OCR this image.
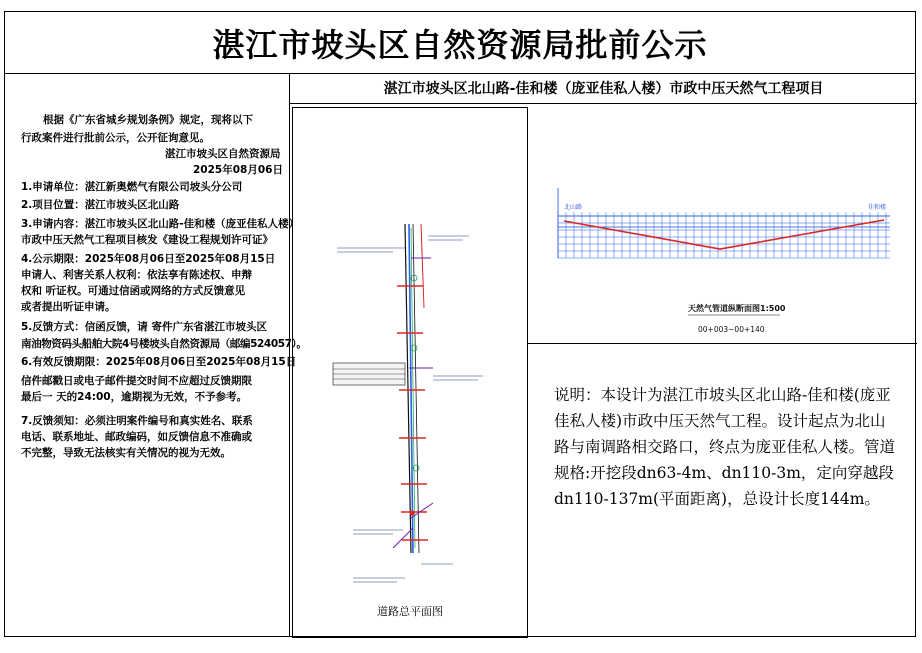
湛江市坡头区自然资源局批前公示
根据《广东省城乡规划条例》规定，现将以下
行政案件进行批前公示，公开征询意见。
湛江市坡头区自然资源局
2025年08月06日
1.申请单位：湛江新奥燃气有限公司坡头分公司
2.项目位置：湛江市坡头区北山路
3.申请内容：湛江市坡头区北山路-佳和楼（庞亚佳私人楼）
市政中压天然气工程项目核发《建设工程规划许可证》
4.公示期限：2025年08月06日至2025年08月15日
申请人、利害关系人权利：依法享有陈述权、申辩
权和 听证权。可通过信函或网络的方式反馈意见
或者提出听证申请。
5.反馈方式：信函反馈，请 寄件广东省湛江市坡头区
南油物资码头船舶大院4号楼坡头自然资源局（邮编524057）。
6.有效反馈期限：2025年08月06日至2025年08月15日
信件邮戳日或电子邮件提交时间不应超过反馈期限
最后一 天的24:00，逾期视为无效，不予参考。
7.反馈须知：必须注明案件编号和真实姓名、联系
电话、联系地址、邮政编码，如反馈信息不准确或
不完整，导致无法核实有关情况的视为无效。
湛江市坡头区北山路-佳和楼（庞亚佳私人楼）市政中压天然气工程项目
道路总平面图
北山路	佳和楼
天然气管道纵断面图1:500
00+003~00+140
说明：本设计为湛江市坡头区北山路-佳和楼(庞亚佳私人楼)市政中压天然气工程。设计起点为北山路与南调路相交路口，终点为庞亚佳私人楼。管道规格:开挖段dn63-4m、dn110-3m，定向穿越段dn110-137m(平面距离)，总设计长度144m。
